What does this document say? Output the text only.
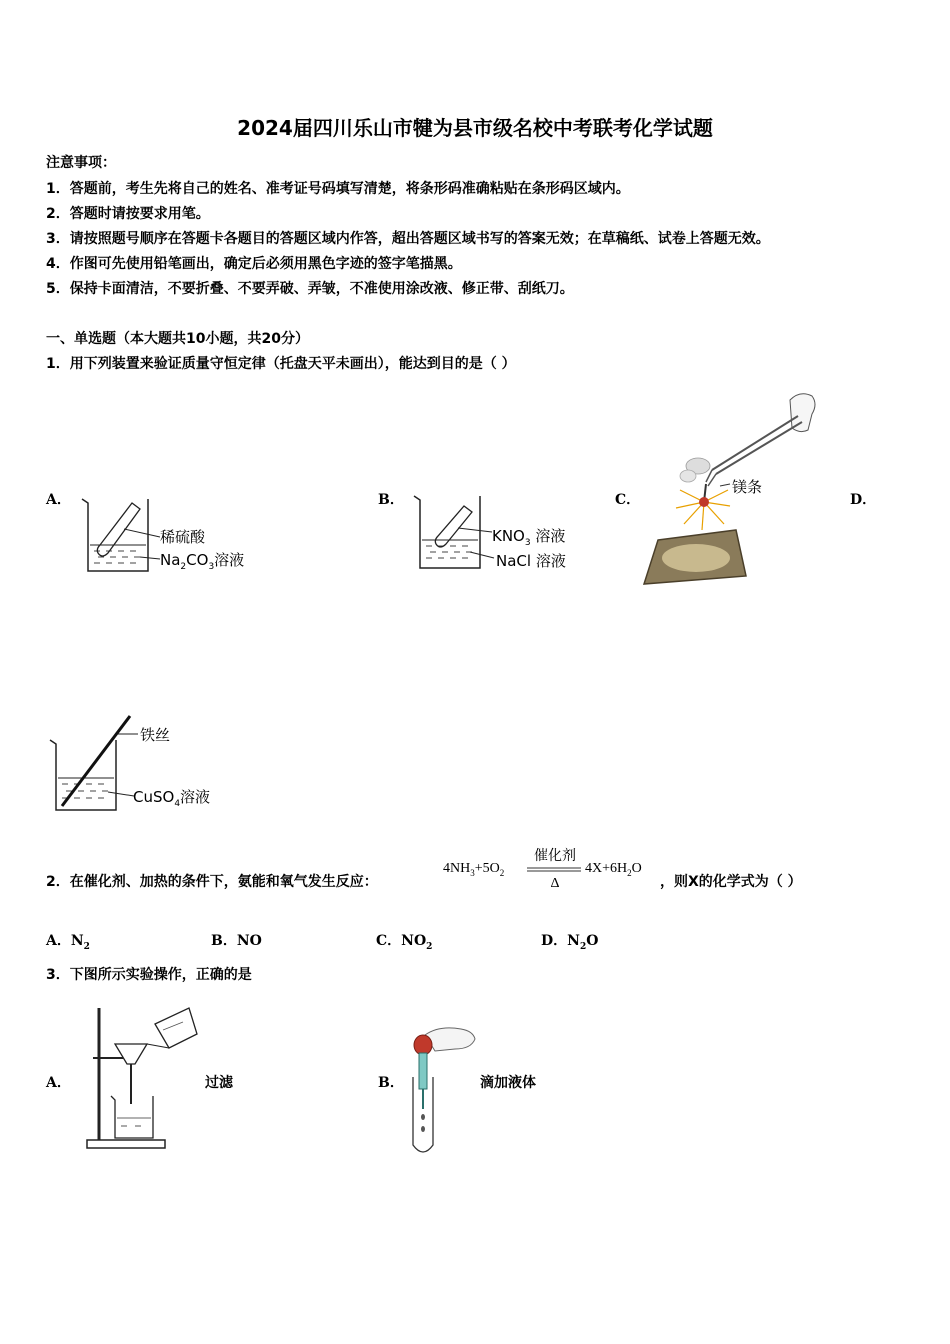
2024届四川乐山市犍为县市级名校中考联考化学试题
注意事项：
1．答题前，考生先将自己的姓名、准考证号码填写清楚，将条形码准确粘贴在条形码区域内。
2．答题时请按要求用笔。
3．请按照题号顺序在答题卡各题目的答题区域内作答，超出答题区域书写的答案无效；在草稿纸、试卷上答题无效。
4．作图可先使用铅笔画出，确定后必须用黑色字迹的签字笔描黑。
5．保持卡面清洁，不要折叠、不要弄破、弄皱，不准使用涂改液、修正带、刮纸刀。
一、单选题（本大题共10小题，共20分）
1．用下列装置来验证质量守恒定律（托盘天平未画出），能达到目的是（ ）
A．	B．	C．	D．
稀硫酸
$Na_2CO_3$溶液
$KNO_3$ 溶液
NaCl 溶液
镁条
铁丝
CuSO$_4$溶液
2．在催化剂、加热的条件下，氨能和氧气发生反应：
$4NH_3+5O_2$
催化剂
Δ
$4X+6H_2O$
，则X的化学式为（ ）
A．$N_2$	B．NO	C．$NO_2$	D．$N_2O$
3．下图所示实验操作，正确的是
A．	过滤	B．	滴加液体
